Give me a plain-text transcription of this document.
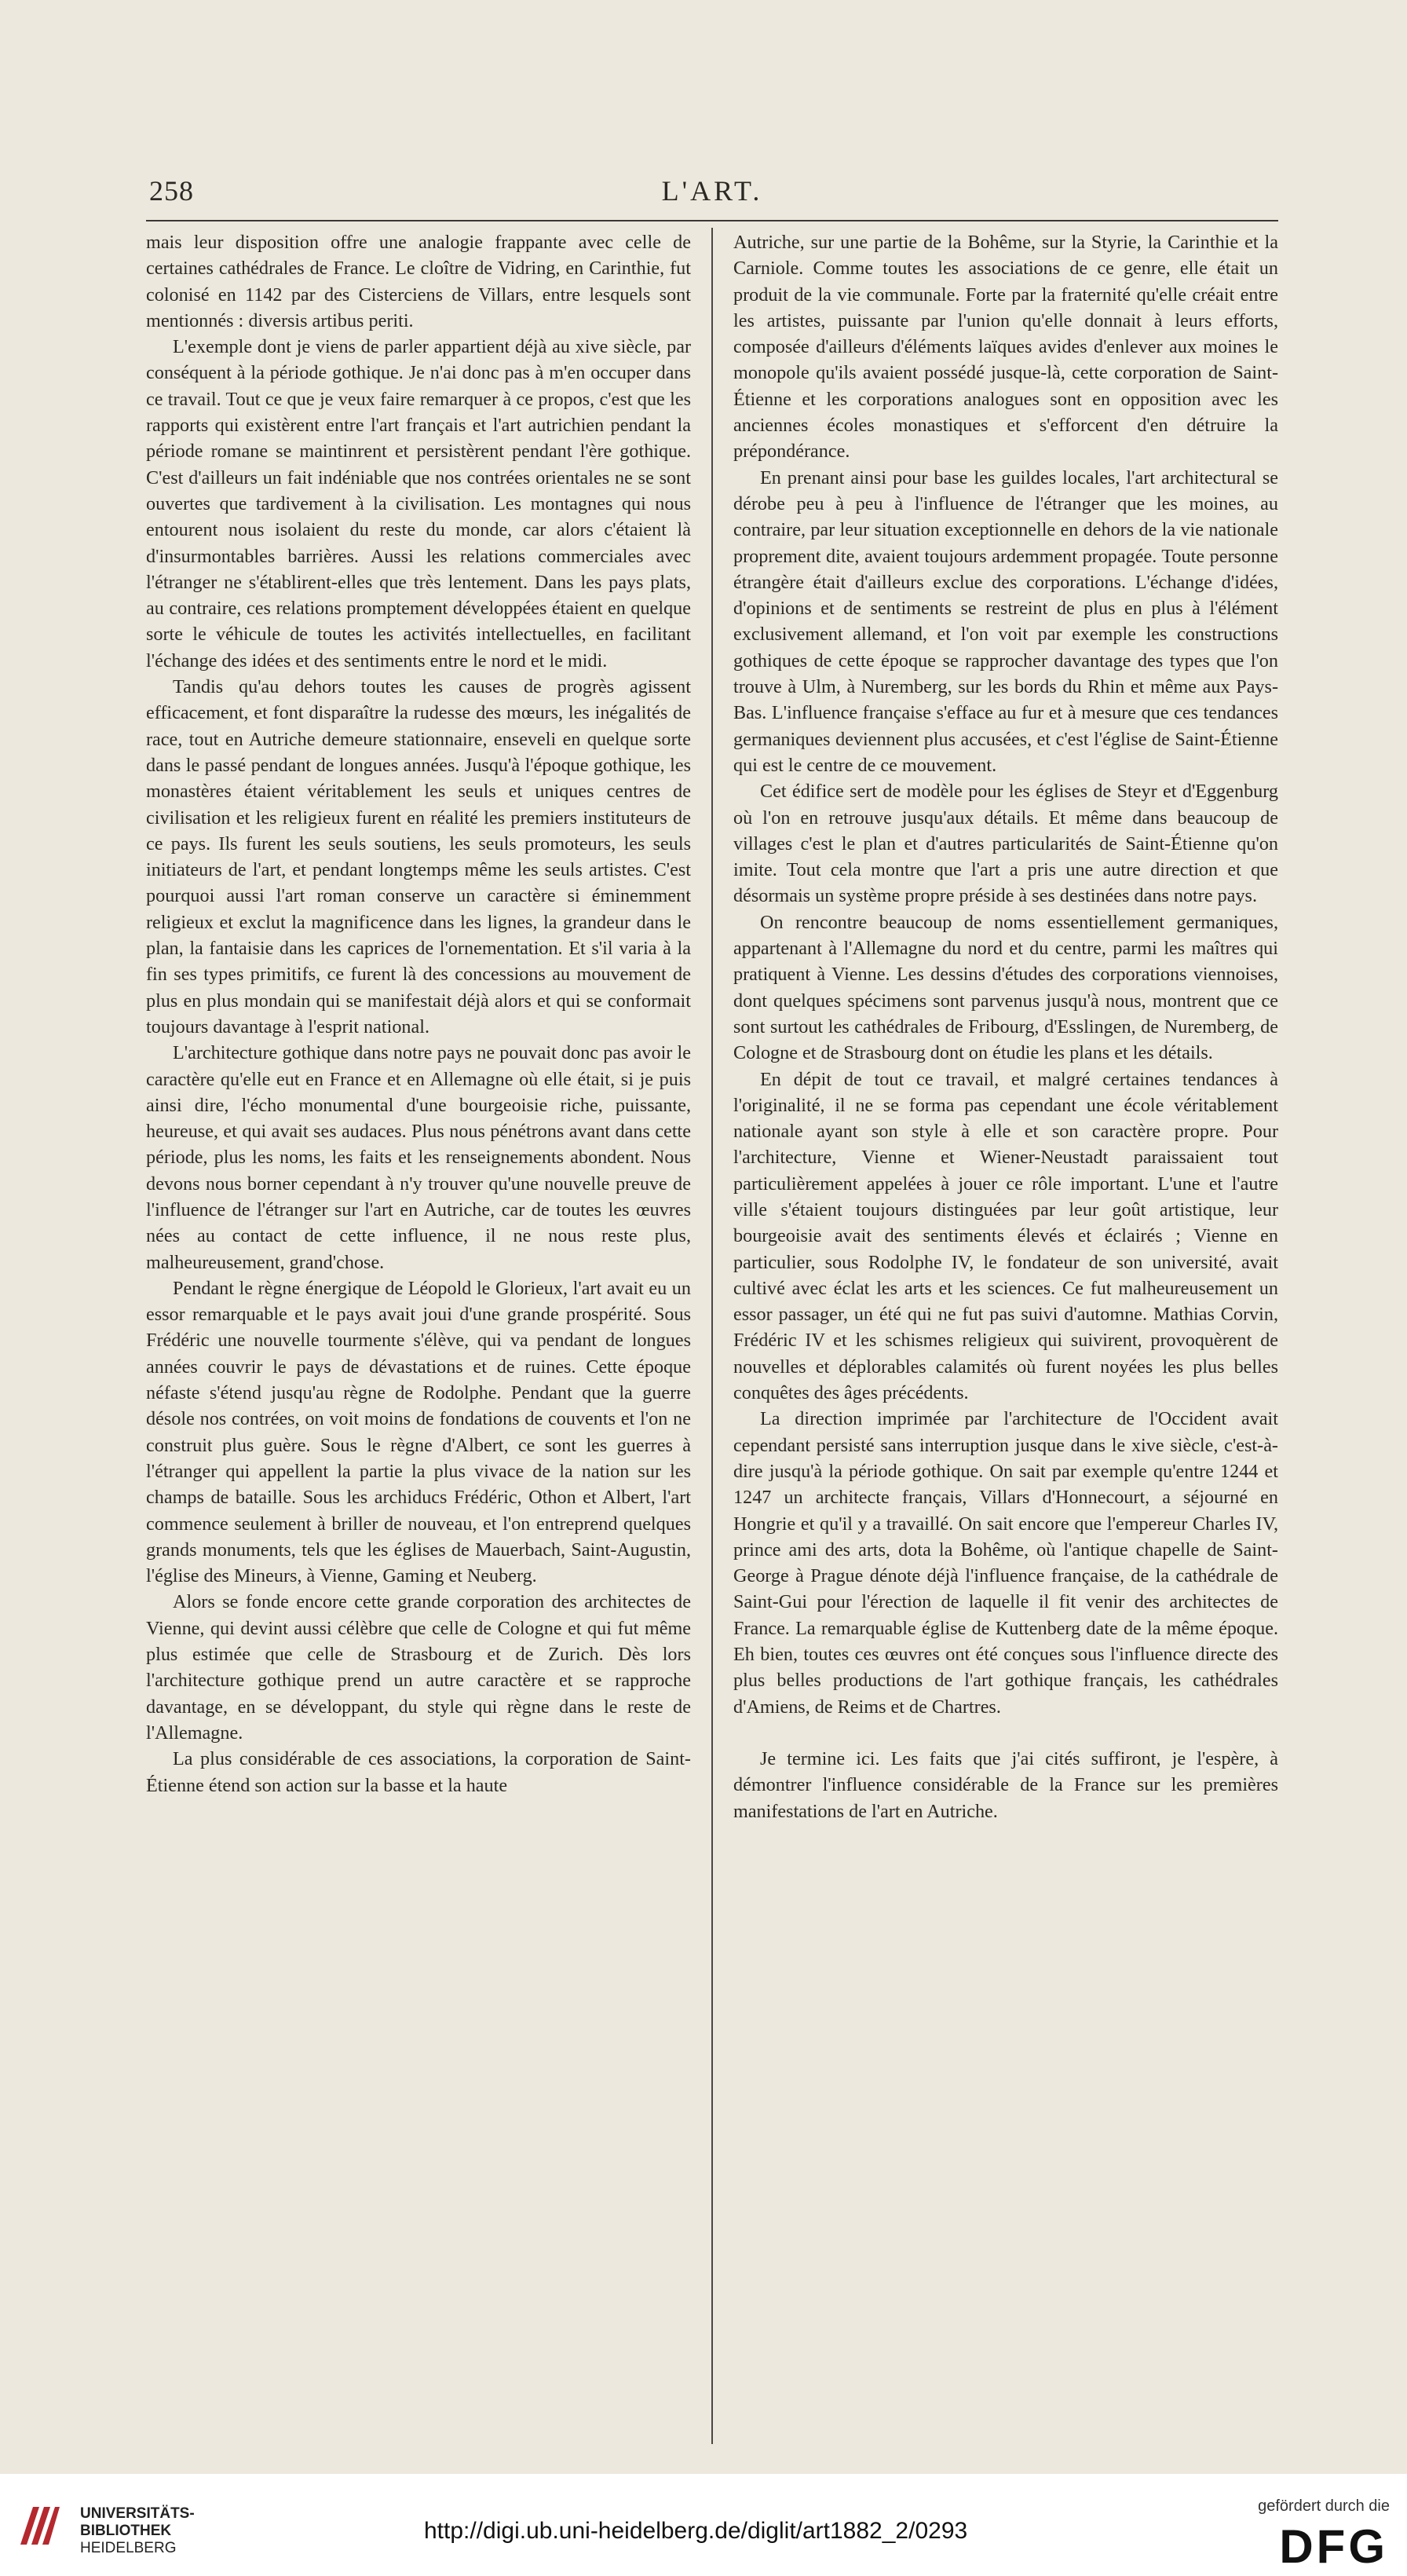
258	L'ART.

mais leur disposition offre une analogie frappante avec celle de certaines cathédrales de France. Le cloître de Vidring, en Carinthie, fut colonisé en 1142 par des Cisterciens de Villars, entre lesquels sont mentionnés : diversis artibus periti.

L'exemple dont je viens de parler appartient déjà au xive siècle, par conséquent à la période gothique. Je n'ai donc pas à m'en occuper dans ce travail. Tout ce que je veux faire remarquer à ce propos, c'est que les rapports qui existèrent entre l'art français et l'art autrichien pendant la période romane se maintinrent et persistèrent pendant l'ère gothique. C'est d'ailleurs un fait indéniable que nos contrées orientales ne se sont ouvertes que tardivement à la civilisation. Les montagnes qui nous entourent nous isolaient du reste du monde, car alors c'étaient là d'insurmontables barrières. Aussi les relations commerciales avec l'étranger ne s'établirent-elles que très lentement. Dans les pays plats, au contraire, ces relations promptement développées étaient en quelque sorte le véhicule de toutes les activités intellectuelles, en facilitant l'échange des idées et des sentiments entre le nord et le midi.

Tandis qu'au dehors toutes les causes de progrès agissent efficacement, et font disparaître la rudesse des mœurs, les inégalités de race, tout en Autriche demeure stationnaire, enseveli en quelque sorte dans le passé pendant de longues années. Jusqu'à l'époque gothique, les monastères étaient véritablement les seuls et uniques centres de civilisation et les religieux furent en réalité les premiers instituteurs de ce pays. Ils furent les seuls soutiens, les seuls promoteurs, les seuls initiateurs de l'art, et pendant longtemps même les seuls artistes. C'est pourquoi aussi l'art roman conserve un caractère si éminemment religieux et exclut la magnificence dans les lignes, la grandeur dans le plan, la fantaisie dans les caprices de l'ornementation. Et s'il varia à la fin ses types primitifs, ce furent là des concessions au mouvement de plus en plus mondain qui se manifestait déjà alors et qui se conformait toujours davantage à l'esprit national.

L'architecture gothique dans notre pays ne pouvait donc pas avoir le caractère qu'elle eut en France et en Allemagne où elle était, si je puis ainsi dire, l'écho monumental d'une bourgeoisie riche, puissante, heureuse, et qui avait ses audaces. Plus nous pénétrons avant dans cette période, plus les noms, les faits et les renseignements abondent. Nous devons nous borner cependant à n'y trouver qu'une nouvelle preuve de l'influence de l'étranger sur l'art en Autriche, car de toutes les œuvres nées au contact de cette influence, il ne nous reste plus, malheureusement, grand'chose.

Pendant le règne énergique de Léopold le Glorieux, l'art avait eu un essor remarquable et le pays avait joui d'une grande prospérité. Sous Frédéric une nouvelle tourmente s'élève, qui va pendant de longues années couvrir le pays de dévastations et de ruines. Cette époque néfaste s'étend jusqu'au règne de Rodolphe. Pendant que la guerre désole nos contrées, on voit moins de fondations de couvents et l'on ne construit plus guère. Sous le règne d'Albert, ce sont les guerres à l'étranger qui appellent la partie la plus vivace de la nation sur les champs de bataille. Sous les archiducs Frédéric, Othon et Albert, l'art commence seulement à briller de nouveau, et l'on entreprend quelques grands monuments, tels que les églises de Mauerbach, Saint-Augustin, l'église des Mineurs, à Vienne, Gaming et Neuberg.

Alors se fonde encore cette grande corporation des architectes de Vienne, qui devint aussi célèbre que celle de Cologne et qui fut même plus estimée que celle de Strasbourg et de Zurich. Dès lors l'architecture gothique prend un autre caractère et se rapproche davantage, en se développant, du style qui règne dans le reste de l'Allemagne.

La plus considérable de ces associations, la corporation de Saint-Étienne étend son action sur la basse et la haute

Autriche, sur une partie de la Bohême, sur la Styrie, la Carinthie et la Carniole. Comme toutes les associations de ce genre, elle était un produit de la vie communale. Forte par la fraternité qu'elle créait entre les artistes, puissante par l'union qu'elle donnait à leurs efforts, composée d'ailleurs d'éléments laïques avides d'enlever aux moines le monopole qu'ils avaient possédé jusque-là, cette corporation de Saint-Étienne et les corporations analogues sont en opposition avec les anciennes écoles monastiques et s'efforcent d'en détruire la prépondérance.

En prenant ainsi pour base les guildes locales, l'art architectural se dérobe peu à peu à l'influence de l'étranger que les moines, au contraire, par leur situation exceptionnelle en dehors de la vie nationale proprement dite, avaient toujours ardemment propagée. Toute personne étrangère était d'ailleurs exclue des corporations. L'échange d'idées, d'opinions et de sentiments se restreint de plus en plus à l'élément exclusivement allemand, et l'on voit par exemple les constructions gothiques de cette époque se rapprocher davantage des types que l'on trouve à Ulm, à Nuremberg, sur les bords du Rhin et même aux Pays-Bas. L'influence française s'efface au fur et à mesure que ces tendances germaniques deviennent plus accusées, et c'est l'église de Saint-Étienne qui est le centre de ce mouvement.

Cet édifice sert de modèle pour les églises de Steyr et d'Eggenburg où l'on en retrouve jusqu'aux détails. Et même dans beaucoup de villages c'est le plan et d'autres particularités de Saint-Étienne qu'on imite. Tout cela montre que l'art a pris une autre direction et que désormais un système propre préside à ses destinées dans notre pays.

On rencontre beaucoup de noms essentiellement germaniques, appartenant à l'Allemagne du nord et du centre, parmi les maîtres qui pratiquent à Vienne. Les dessins d'études des corporations viennoises, dont quelques spécimens sont parvenus jusqu'à nous, montrent que ce sont surtout les cathédrales de Fribourg, d'Esslingen, de Nuremberg, de Cologne et de Strasbourg dont on étudie les plans et les détails.

En dépit de tout ce travail, et malgré certaines tendances à l'originalité, il ne se forma pas cependant une école véritablement nationale ayant son style à elle et son caractère propre. Pour l'architecture, Vienne et Wiener-Neustadt paraissaient tout particulièrement appelées à jouer ce rôle important. L'une et l'autre ville s'étaient toujours distinguées par leur goût artistique, leur bourgeoisie avait des sentiments élevés et éclairés ; Vienne en particulier, sous Rodolphe IV, le fondateur de son université, avait cultivé avec éclat les arts et les sciences. Ce fut malheureusement un essor passager, un été qui ne fut pas suivi d'automne. Mathias Corvin, Frédéric IV et les schismes religieux qui suivirent, provoquèrent de nouvelles et déplorables calamités où furent noyées les plus belles conquêtes des âges précédents.

La direction imprimée par l'architecture de l'Occident avait cependant persisté sans interruption jusque dans le xive siècle, c'est-à-dire jusqu'à la période gothique. On sait par exemple qu'entre 1244 et 1247 un architecte français, Villars d'Honnecourt, a séjourné en Hongrie et qu'il y a travaillé. On sait encore que l'empereur Charles IV, prince ami des arts, dota la Bohême, où l'antique chapelle de Saint-George à Prague dénote déjà l'influence française, de la cathédrale de Saint-Gui pour l'érection de laquelle il fit venir des architectes de France. La remarquable église de Kuttenberg date de la même époque. Eh bien, toutes ces œuvres ont été conçues sous l'influence directe des plus belles productions de l'art gothique français, les cathédrales d'Amiens, de Reims et de Chartres.

Je termine ici. Les faits que j'ai cités suffiront, je l'espère, à démontrer l'influence considérable de la France sur les premières manifestations de l'art en Autriche.

UNIVERSITÄTS-
BIBLIOTHEK
HEIDELBERG
http://digi.ub.uni-heidelberg.de/diglit/art1882_2/0293
gefördert durch die
DFG
